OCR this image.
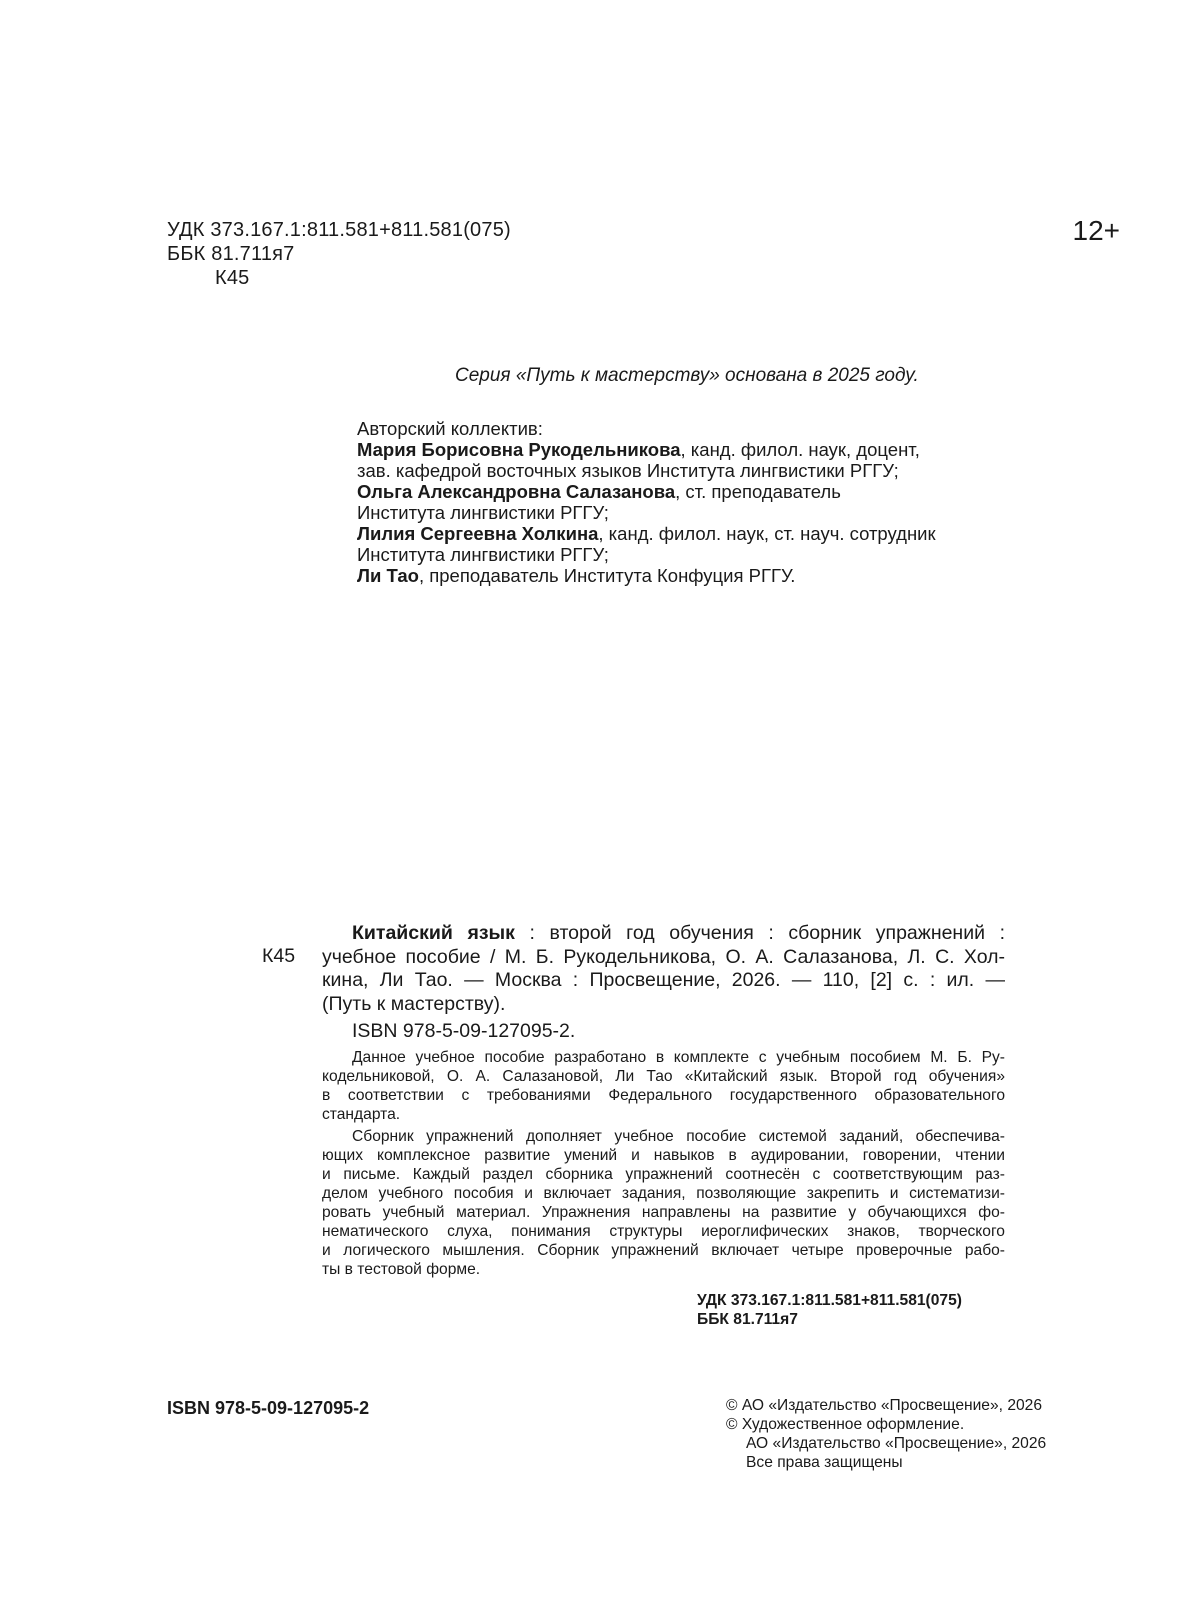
УДК 373.167.1:811.581+811.581(075)
ББК 81.711я7
К45
12+
Серия «Путь к мастерству» основана в 2025 году.
Авторский коллектив:
Мария Борисовна Рукодельникова, канд. филол. наук, доцент,
зав. кафедрой восточных языков Института лингвистики РГГУ;
Ольга Александровна Салазанова, ст. преподаватель
Института лингвистики РГГУ;
Лилия Сергеевна Холкина, канд. филол. наук, ст. науч. сотрудник
Института лингвистики РГГУ;
Ли Тао, преподаватель Института Конфуция РГГУ.
К45
Китайский язык : второй год обучения : сборник упражнений :
учебное пособие / М. Б. Рукодельникова, О. А. Салазанова, Л. С. Хол-
кина, Ли Тао. — Москва : Просвещение, 2026. — 110, [2] с. : ил. —
(Путь к мастерству).
ISBN 978-5-09-127095-2.
Данное учебное пособие разработано в комплекте с учебным пособием М. Б. Ру-
кодельниковой, О. А. Салазановой, Ли Тао «Китайский язык. Второй год обучения»
в соответствии с требованиями Федерального государственного образовательного
стандарта.
Сборник упражнений дополняет учебное пособие системой заданий, обеспечива-
ющих комплексное развитие умений и навыков в аудировании, говорении, чтении
и письме. Каждый раздел сборника упражнений соотнесён с соответствующим раз-
делом учебного пособия и включает задания, позволяющие закрепить и систематизи-
ровать учебный материал. Упражнения направлены на развитие у обучающихся фо-
нематического слуха, понимания структуры иероглифических знаков, творческого
и логического мышления. Сборник упражнений включает четыре проверочные рабо-
ты в тестовой форме.
УДК 373.167.1:811.581+811.581(075)
ББК 81.711я7
ISBN 978-5-09-127095-2	© АО «Издательство «Просвещение», 2026
© Художественное оформление.
АО «Издательство «Просвещение», 2026
Все права защищены
